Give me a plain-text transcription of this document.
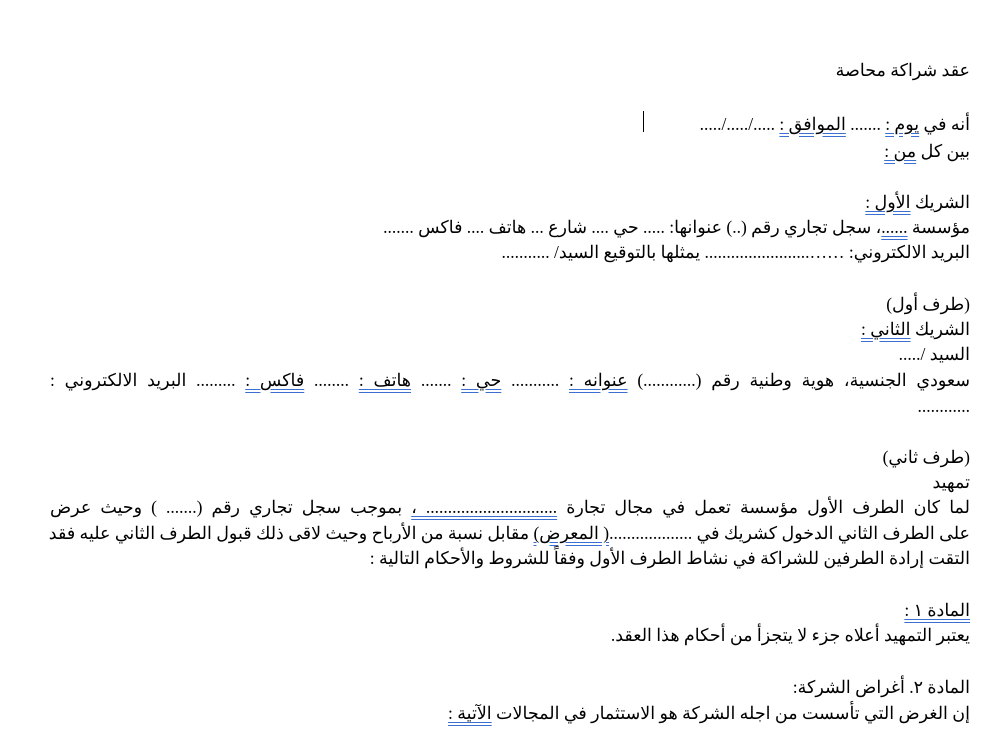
عقد شراكة محاصة
أنه في يوم : ....... الموافق : ...../...../.....
بين كل من :
الشريك الأول :
مؤسسة ......، سجل تجاري رقم (..) عنوانها: ..... حي .... شارع ... هاتف .... فاكس .......
البريد الالكتروني: ……........................ يمثلها بالتوقيع السيد/ ...........
(طرف أول)
الشريك الثاني :
السيد /.....
سعودي الجنسية، هوية وطنية رقم (............) عنوانه : ........... حي : ....... هاتف : ........ فاكس : ......... البريد الالكتروني :
............
(طرف ثاني)
تمهيد
لما كان الطرف الأول مؤسسة تعمل في مجال تجارة .............................. ، بموجب سجل تجاري رقم (....... ) وحيث عرض
على الطرف الثاني الدخول كشريك في ...................( المعرض) مقابل نسبة من الأرباح وحيث لاقى ذلك قبول الطرف الثاني عليه فقد
التقت إرادة الطرفين للشراكة في نشاط الطرف الأول وفقاً للشروط والأحكام التالية :
المادة ١ :
يعتبر التمهيد أعلاه جزء لا يتجزأ من أحكام هذا العقد.
المادة ٢. أغراض الشركة:
إن الغرض التي تأسست من اجله الشركة هو الاستثمار في المجالات الآتية :
